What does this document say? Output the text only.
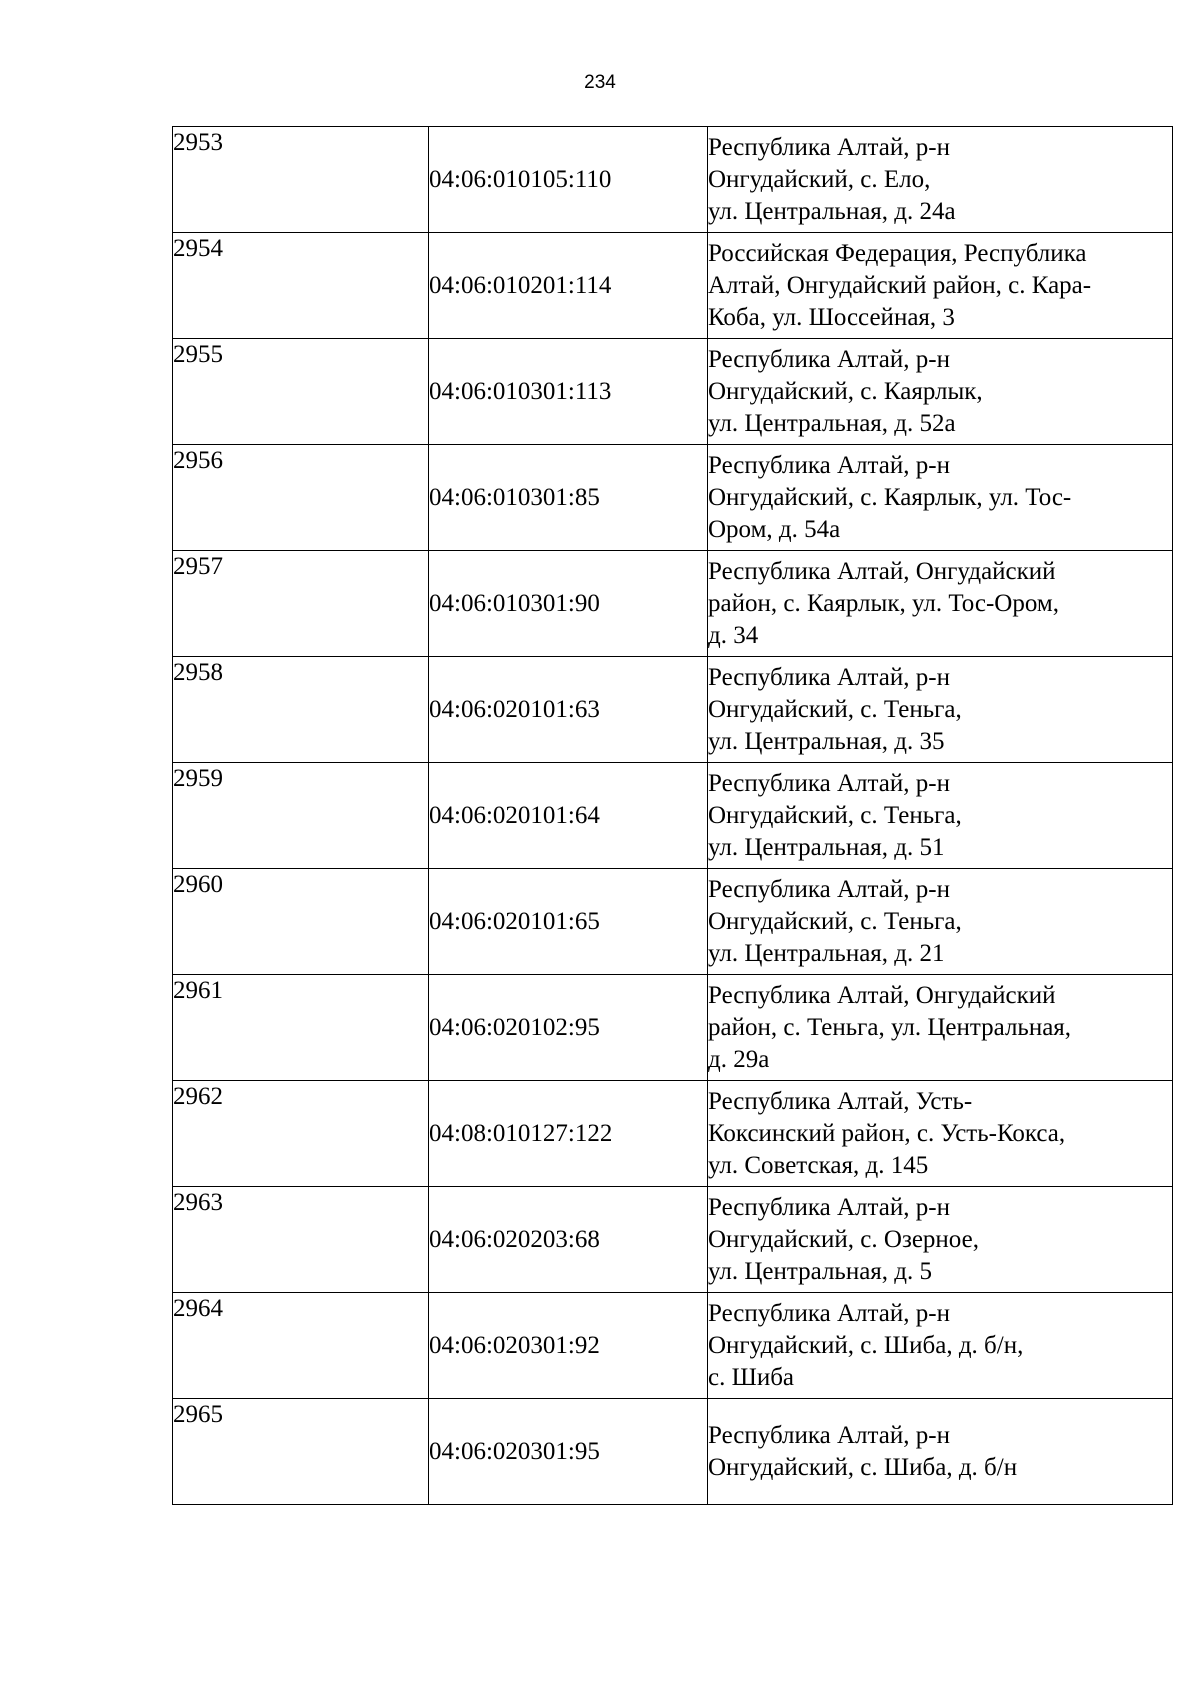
234
2953	04:06:010105:110	Республика Алтай, р-н
Онгудайский, с. Ело,
ул. Центральная, д. 24а

2954	04:06:010201:114	Российская Федерация, Республика
Алтай, Онгудайский район, с. Кара-
Коба, ул. Шоссейная, 3

2955	04:06:010301:113	Республика Алтай, р-н
Онгудайский, с. Каярлык,
ул. Центральная, д. 52а

2956	04:06:010301:85	Республика Алтай, р-н
Онгудайский, с. Каярлык, ул. Тос-
Ором, д. 54а

2957	04:06:010301:90	Республика Алтай, Онгудайский
район, с. Каярлык, ул. Тос-Ором,
д. 34

2958	04:06:020101:63	Республика Алтай, р-н
Онгудайский, с. Теньга,
ул. Центральная, д. 35

2959	04:06:020101:64	Республика Алтай, р-н
Онгудайский, с. Теньга,
ул. Центральная, д. 51

2960	04:06:020101:65	Республика Алтай, р-н
Онгудайский, с. Теньга,
ул. Центральная, д. 21

2961	04:06:020102:95	Республика Алтай, Онгудайский
район, с. Теньга, ул. Центральная,
д. 29а

2962	04:08:010127:122	Республика Алтай, Усть-
Коксинский район, с. Усть-Кокса,
ул. Советская, д. 145

2963	04:06:020203:68	Республика Алтай, р-н
Онгудайский, с. Озерное,
ул. Центральная, д. 5

2964	04:06:020301:92	Республика Алтай, р-н
Онгудайский, с. Шиба, д. б/н,
с. Шиба

2965	04:06:020301:95	Республика Алтай, р-н
Онгудайский, с. Шиба, д. б/н
